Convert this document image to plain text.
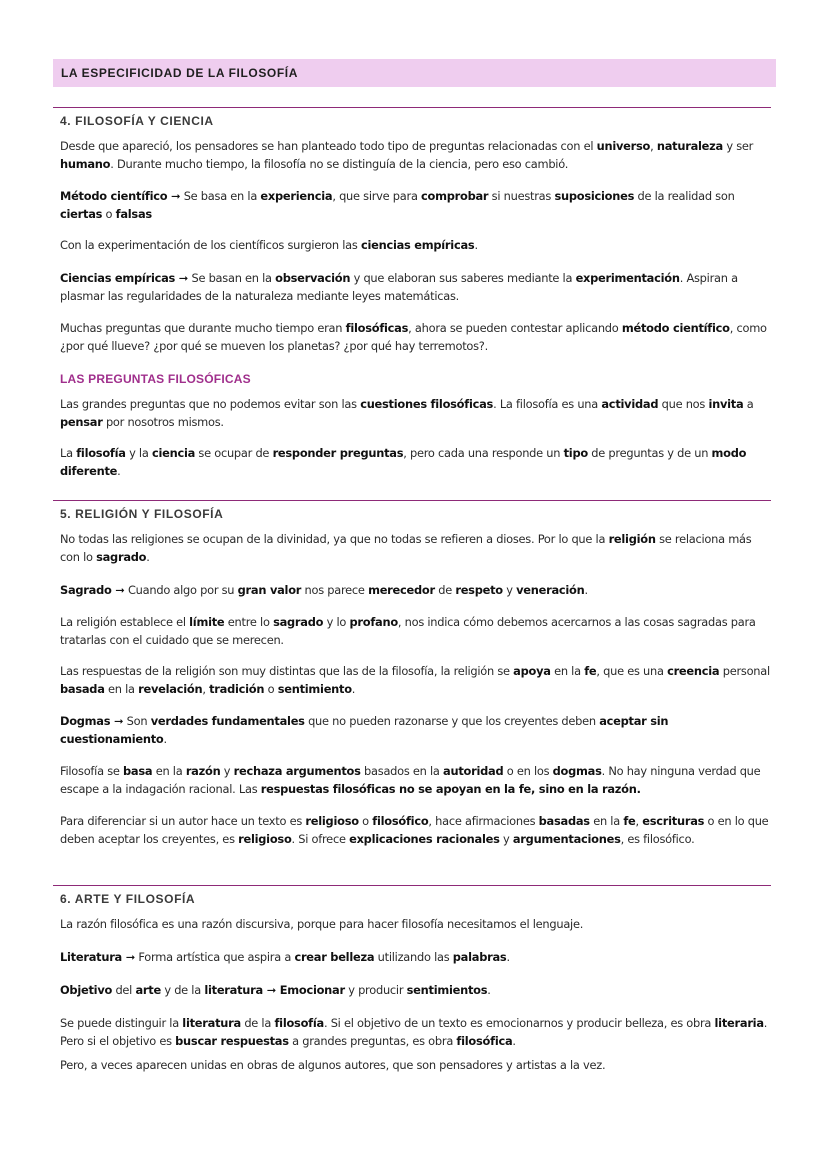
LA ESPECIFICIDAD DE LA FILOSOFÍA
4. FILOSOFÍA Y CIENCIA
Desde que apareció, los pensadores se han planteado todo tipo de preguntas relacionadas con el universo, naturaleza y ser humano. Durante mucho tiempo, la filosofía no se distinguía de la ciencia, pero eso cambió.
Método científico ➞ Se basa en la experiencia, que sirve para comprobar si nuestras suposiciones de la realidad son ciertas o falsas
Con la experimentación de los científicos surgieron las ciencias empíricas.
Ciencias empíricas ➞ Se basan en la observación y que elaboran sus saberes mediante la experimentación. Aspiran a plasmar las regularidades de la naturaleza mediante leyes matemáticas.
Muchas preguntas que durante mucho tiempo eran filosóficas, ahora se pueden contestar aplicando método científico, como ¿por qué llueve? ¿por qué se mueven los planetas? ¿por qué hay terremotos?.
LAS PREGUNTAS FILOSÓFICAS
Las grandes preguntas que no podemos evitar son las cuestiones filosóficas. La filosofía es una actividad que nos invita a pensar por nosotros mismos.
La filosofía y la ciencia se ocupar de responder preguntas, pero cada una responde un tipo de preguntas y de un modo diferente.
5. RELIGIÓN Y FILOSOFÍA
No todas las religiones se ocupan de la divinidad, ya que no todas se refieren a dioses. Por lo que la religión se relaciona más con lo sagrado.
Sagrado ➞ Cuando algo por su gran valor nos parece merecedor de respeto y veneración.
La religión establece el límite entre lo sagrado y lo profano, nos indica cómo debemos acercarnos a las cosas sagradas para tratarlas con el cuidado que se merecen.
Las respuestas de la religión son muy distintas que las de la filosofía, la religión se apoya en la fe, que es una creencia personal basada en la revelación, tradición o sentimiento.
Dogmas ➞ Son verdades fundamentales que no pueden razonarse y que los creyentes deben aceptar sin cuestionamiento.
Filosofía se basa en la razón y rechaza argumentos basados en la autoridad o en los dogmas. No hay ninguna verdad que escape a la indagación racional. Las respuestas filosóficas no se apoyan en la fe, sino en la razón.
Para diferenciar si un autor hace un texto es religioso o filosófico, hace afirmaciones basadas en la fe, escrituras o en lo que deben aceptar los creyentes, es religioso. Si ofrece explicaciones racionales y argumentaciones, es filosófico.
6. ARTE Y FILOSOFÍA
La razón filosófica es una razón discursiva, porque para hacer filosofía necesitamos el lenguaje.
Literatura ➞ Forma artística que aspira a crear belleza utilizando las palabras.
Objetivo del arte y de la literatura ➞ Emocionar y producir sentimientos.
Se puede distinguir la literatura de la filosofía. Si el objetivo de un texto es emocionarnos y producir belleza, es obra literaria. Pero si el objetivo es buscar respuestas a grandes preguntas, es obra filosófica.
Pero, a veces aparecen unidas en obras de algunos autores, que son pensadores y artistas a la vez.
